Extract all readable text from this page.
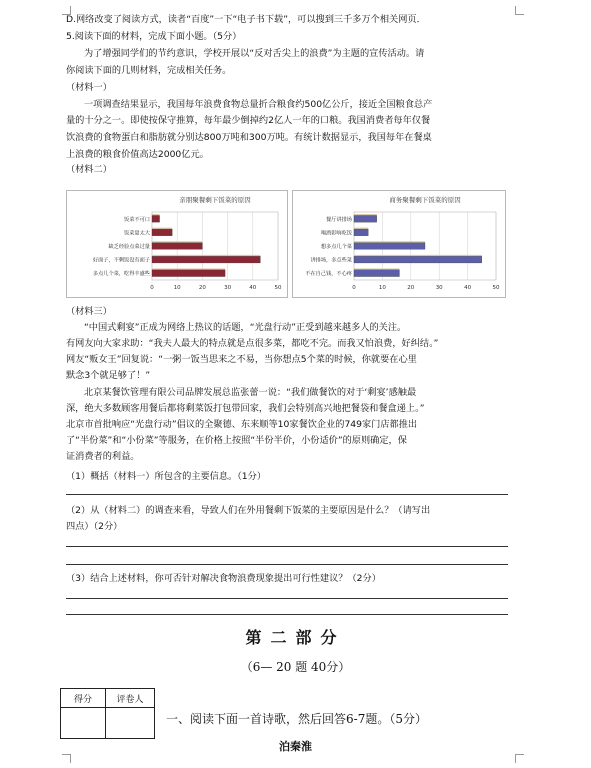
D.网络改变了阅读方式，读者“百度”一下“电子书下载”，可以搜到三千多万个相关网页．
5.阅读下面的材料，完成下面小题。（5分）
为了增强同学们的节约意识，学校开展以“反对舌尖上的浪费”为主题的宣传活动。请
你阅读下面的几则材料，完成相关任务。
（材料一）
一项调查结果显示，我国每年浪费食物总量折合粮食约500亿公斤，接近全国粮食总产
量的十分之一。即使按保守推算，每年最少倒掉约2亿人一年的口粮。我国消费者每年仅餐
饮浪费的食物蛋白和脂肪就分别达800万吨和300万吨。有统计数据显示，我国每年在餐桌
上浪费的粮食价值高达2000亿元。
（材料二）
亲朋聚餐剩下饭菜的原因
0	10	20	30	40	50
饭菜不可口
饭菜量太大
缺乏经验点菜过量
好面子，不剩饭没有面子
多点几个菜，吃得丰盛些
商务聚餐剩下饭菜的原因
0	10	20	30	40	50
餐厅讲排场
喝酒影响吃饭
想多点几个菜
讲排场，多点些菜
不在自己钱，不心疼
（材料三）
“中国式剩宴”正成为网络上热议的话题，“光盘行动”正受到越来越多人的关注。
有网友向大家求助：“我夫人最大的特点就是点很多菜，都吃不完。而我又怕浪费，好纠结。”
网友“贩女王”回复说：“一粥一饭当思来之不易，当你想点5个菜的时候，你就要在心里
默念3个就足够了！”
北京某餐饮管理有限公司品牌发展总监张蕾一说：“我们做餐饮的对于‘剩宴’感触最
深，绝大多数顾客用餐后都将剩菜饭打包带回家，我们会特别高兴地把餐袋和餐盒递上。”
北京市首批响应“光盘行动”倡议的全聚德、东来顺等10家餐饮企业的749家门店都推出
了“半份菜”和“小份菜”等服务，在价格上按照“半份半价，小份适价”的原则确定，保
证消费者的利益。
（1）概括（材料一）所包含的主要信息。（1分）
（2）从（材料二）的调查来看，导致人们在外用餐剩下饭菜的主要原因是什么？（请写出
四点）（2分）
（3）结合上述材料，你可否针对解决食物浪费现象提出可行性建议？（2分）
第二部分
（6— 20 题 40分）
得分	评卷人

一、阅读下面一首诗歌，然后回答6-7题。（5分）
泊秦淮
